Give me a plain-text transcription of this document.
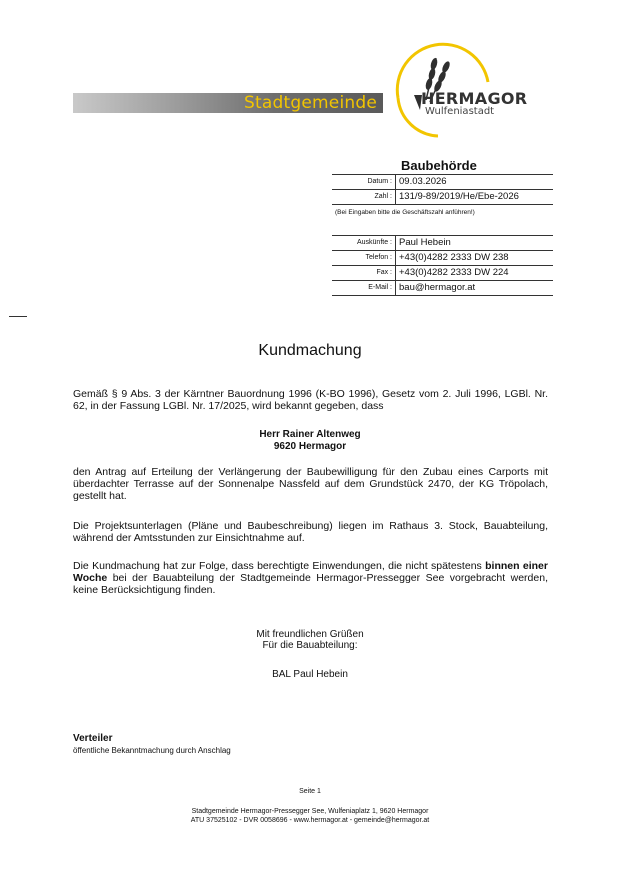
Stadtgemeinde	HERMAGOR
Wulfeniastadt
Baubehörde
Datum :	09.03.2026
Zahl :	131/9-89/2019/He/Ebe-2026
(Bei Eingaben bitte die Geschäftszahl anführen!)
Auskünfte :	Paul Hebein
Telefon :	+43(0)4282 2333 DW 238
Fax :	+43(0)4282 2333 DW 224
E-Mail :	bau@hermagor.at
Kundmachung
Gemäß § 9 Abs. 3 der Kärntner Bauordnung 1996 (K-BO 1996), Gesetz vom 2. Juli 1996, LGBl. Nr. 62, in der Fassung LGBl. Nr. 17/2025, wird bekannt gegeben, dass
Herr Rainer Altenweg
9620 Hermagor
den Antrag auf Erteilung der Verlängerung der Baubewilligung für den Zubau eines Carports mit überdachter Terrasse auf der Sonnenalpe Nassfeld auf dem Grundstück 2470, der KG Tröpolach, gestellt hat.
Die Projektsunterlagen (Pläne und Baubeschreibung) liegen im Rathaus 3. Stock, Bauabteilung, während der Amtsstunden zur Einsichtnahme auf.
Die Kundmachung hat zur Folge, dass berechtigte Einwendungen, die nicht spätestens binnen einer Woche bei der Bauabteilung der Stadtgemeinde Hermagor-Pressegger See vorgebracht werden, keine Berücksichtigung finden.
Mit freundlichen Grüßen
Für die Bauabteilung:
BAL Paul Hebein
Verteiler
öffentliche Bekanntmachung durch Anschlag
Seite 1
Stadtgemeinde Hermagor-Pressegger See, Wulfeniaplatz 1, 9620 Hermagor
ATU 37525102 - DVR 0058696 - www.hermagor.at - gemeinde@hermagor.at
